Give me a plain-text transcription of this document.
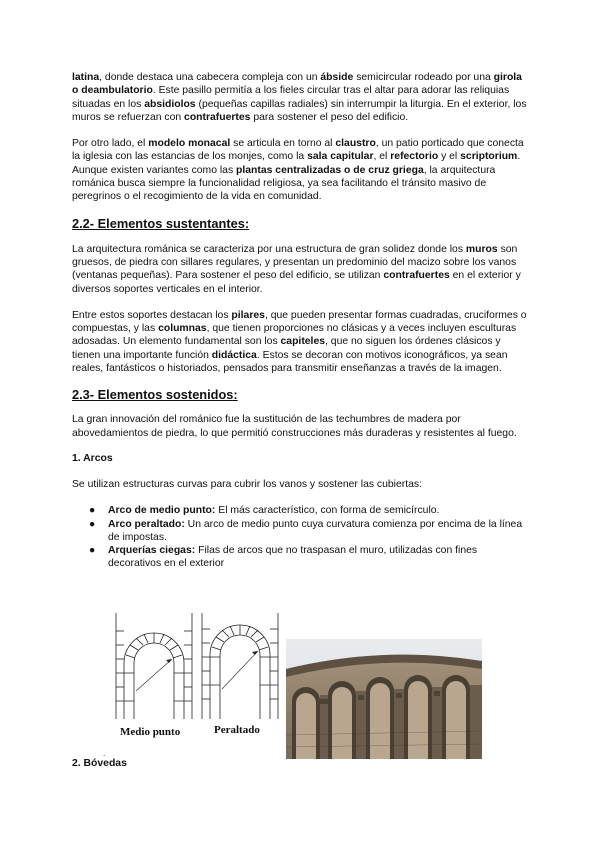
latina, donde destaca una cabecera compleja con un ábside semicircular rodeado por una girola o deambulatorio. Este pasillo permitía a los fieles circular tras el altar para adorar las reliquias situadas en los absidiolos (pequeñas capillas radiales) sin interrumpir la liturgia. En el exterior, los muros se refuerzan con contrafuertes para sostener el peso del edificio.

Por otro lado, el modelo monacal se articula en torno al claustro, un patio porticado que conecta la iglesia con las estancias de los monjes, como la sala capitular, el refectorio y el scriptorium. Aunque existen variantes como las plantas centralizadas o de cruz griega, la arquitectura románica busca siempre la funcionalidad religiosa, ya sea facilitando el tránsito masivo de peregrinos o el recogimiento de la vida en comunidad.

2.2- Elementos sustentantes:

La arquitectura románica se caracteriza por una estructura de gran solidez donde los muros son gruesos, de piedra con sillares regulares, y presentan un predominio del macizo sobre los vanos (ventanas pequeñas). Para sostener el peso del edificio, se utilizan contrafuertes en el exterior y diversos soportes verticales en el interior.

Entre estos soportes destacan los pilares, que pueden presentar formas cuadradas, cruciformes o compuestas, y las columnas, que tienen proporciones no clásicas y a veces incluyen esculturas adosadas. Un elemento fundamental son los capiteles, que no siguen los órdenes clásicos y tienen una importante función didáctica. Estos se decoran con motivos iconográficos, ya sean reales, fantásticos o historiados, pensados para transmitir enseñanzas a través de la imagen.

2.3- Elementos sostenidos:

La gran innovación del románico fue la sustitución de las techumbres de madera por abovedamientos de piedra, lo que permitió construcciones más duraderas y resistentes al fuego.

1. Arcos

Se utilizan estructuras curvas para cubrir los vanos y sostener las cubiertas:

● Arco de medio punto: El más característico, con forma de semicírculo.
● Arco peraltado: Un arco de medio punto cuya curvatura comienza por encima de la línea de impostas.
● Arquerías ciegas: Filas de arcos que no traspasan el muro, utilizadas con fines decorativos en el exterior
Medio punto	Peraltado
.
2. Bóvedas
